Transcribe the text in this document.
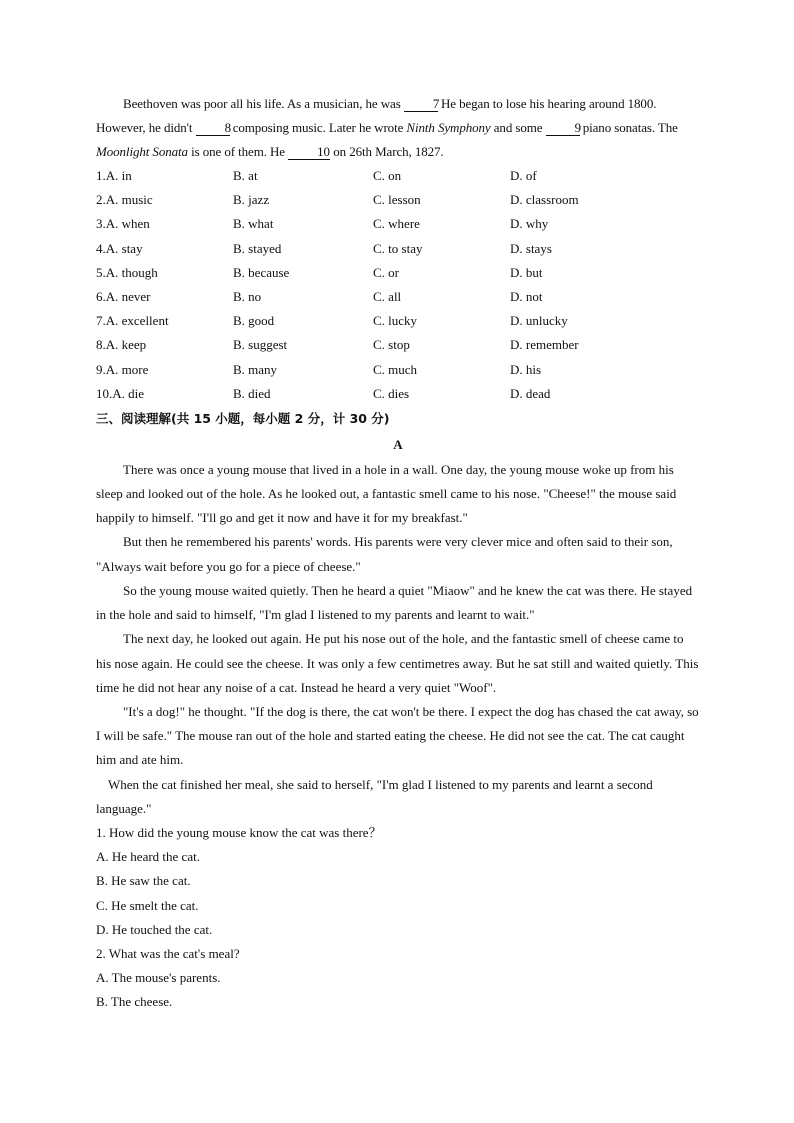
Beethoven was poor all his life. As a musician, he was 7 He began to lose his hearing around 1800. However, he didn't 8 composing music. Later he wrote Ninth Symphony and some 9 piano sonatas. The Moonlight Sonata is one of them. He 10 on 26th March, 1827.

1.A. in	B. at	C. on	D. of
2.A. music	B. jazz	C. lesson	D. classroom
3.A. when	B. what	C. where	D. why
4.A. stay	B. stayed	C. to stay	D. stays
5.A. though	B. because	C. or	D. but
6.A. never	B. no	C. all	D. not
7.A. excellent	B. good	C. lucky	D. unlucky
8.A. keep	B. suggest	C. stop	D. remember
9.A. more	B. many	C. much	D. his
10.A. die	B. died	C. dies	D. dead
三、阅读理解(共 15 小题，每小题 2 分，计 30 分)
A

There was once a young mouse that lived in a hole in a wall. One day, the young mouse woke up from his sleep and looked out of the hole. As he looked out, a fantastic smell came to his nose. "Cheese!" the mouse said happily to himself. "I'll go and get it now and have it for my breakfast."

But then he remembered his parents' words. His parents were very clever mice and often said to their son, "Always wait before you go for a piece of cheese."

So the young mouse waited quietly. Then he heard a quiet "Miaow" and he knew the cat was there. He stayed in the hole and said to himself, "I'm glad I listened to my parents and learnt to wait."

The next day, he looked out again. He put his nose out of the hole, and the fantastic smell of cheese came to his nose again. He could see the cheese. It was only a few centimetres away. But he sat still and waited quietly. This time he did not hear any noise of a cat. Instead he heard a very quiet "Woof".

"It's a dog!" he thought. "If the dog is there, the cat won't be there. I expect the dog has chased the cat away, so I will be safe." The mouse ran out of the hole and started eating the cheese. He did not see the cat. The cat caught him and ate him.

When the cat finished her meal, she said to herself, "I'm glad I listened to my parents and learnt a second language."

1. How did the young mouse know the cat was there？

A. He heard the cat.

B. He saw the cat.

C. He smelt the cat.

D. He touched the cat.

2. What was the cat's meal?

A. The mouse's parents.

B. The cheese.
